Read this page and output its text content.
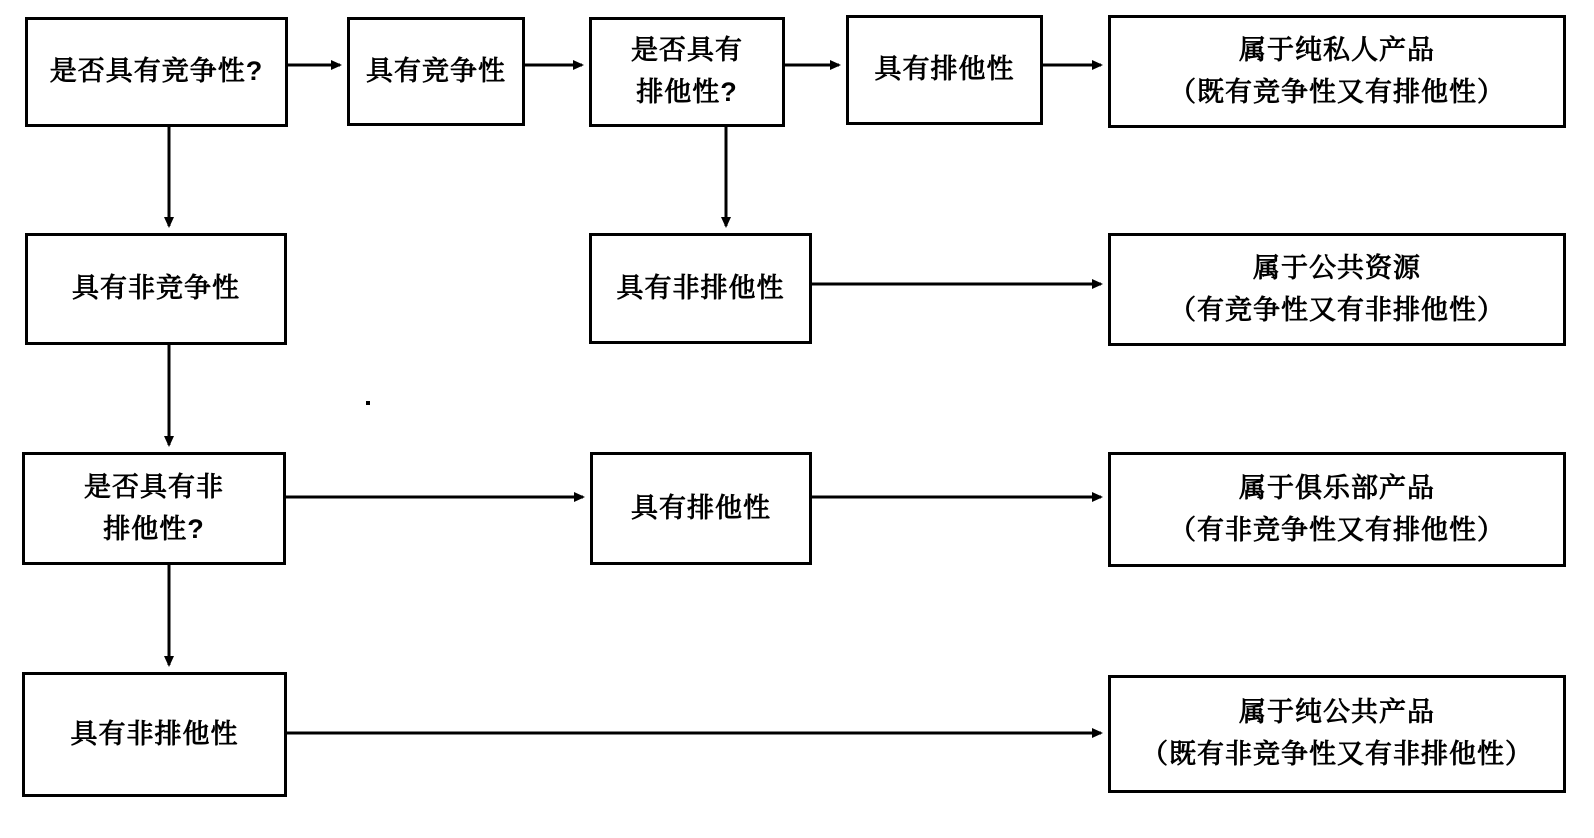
是否具有竞争性?	具有竞争性
是否具有
排他性?
具有排他性
属于纯私人产品
（既有竞争性又有排他性）
具有非竞争性	具有非排他性
属于公共资源
（有竞争性又有非排他性）
是否具有非
排他性?
具有排他性
属于俱乐部产品
（有非竞争性又有排他性）
具有非排他性
属于纯公共产品
（既有非竞争性又有非排他性）
